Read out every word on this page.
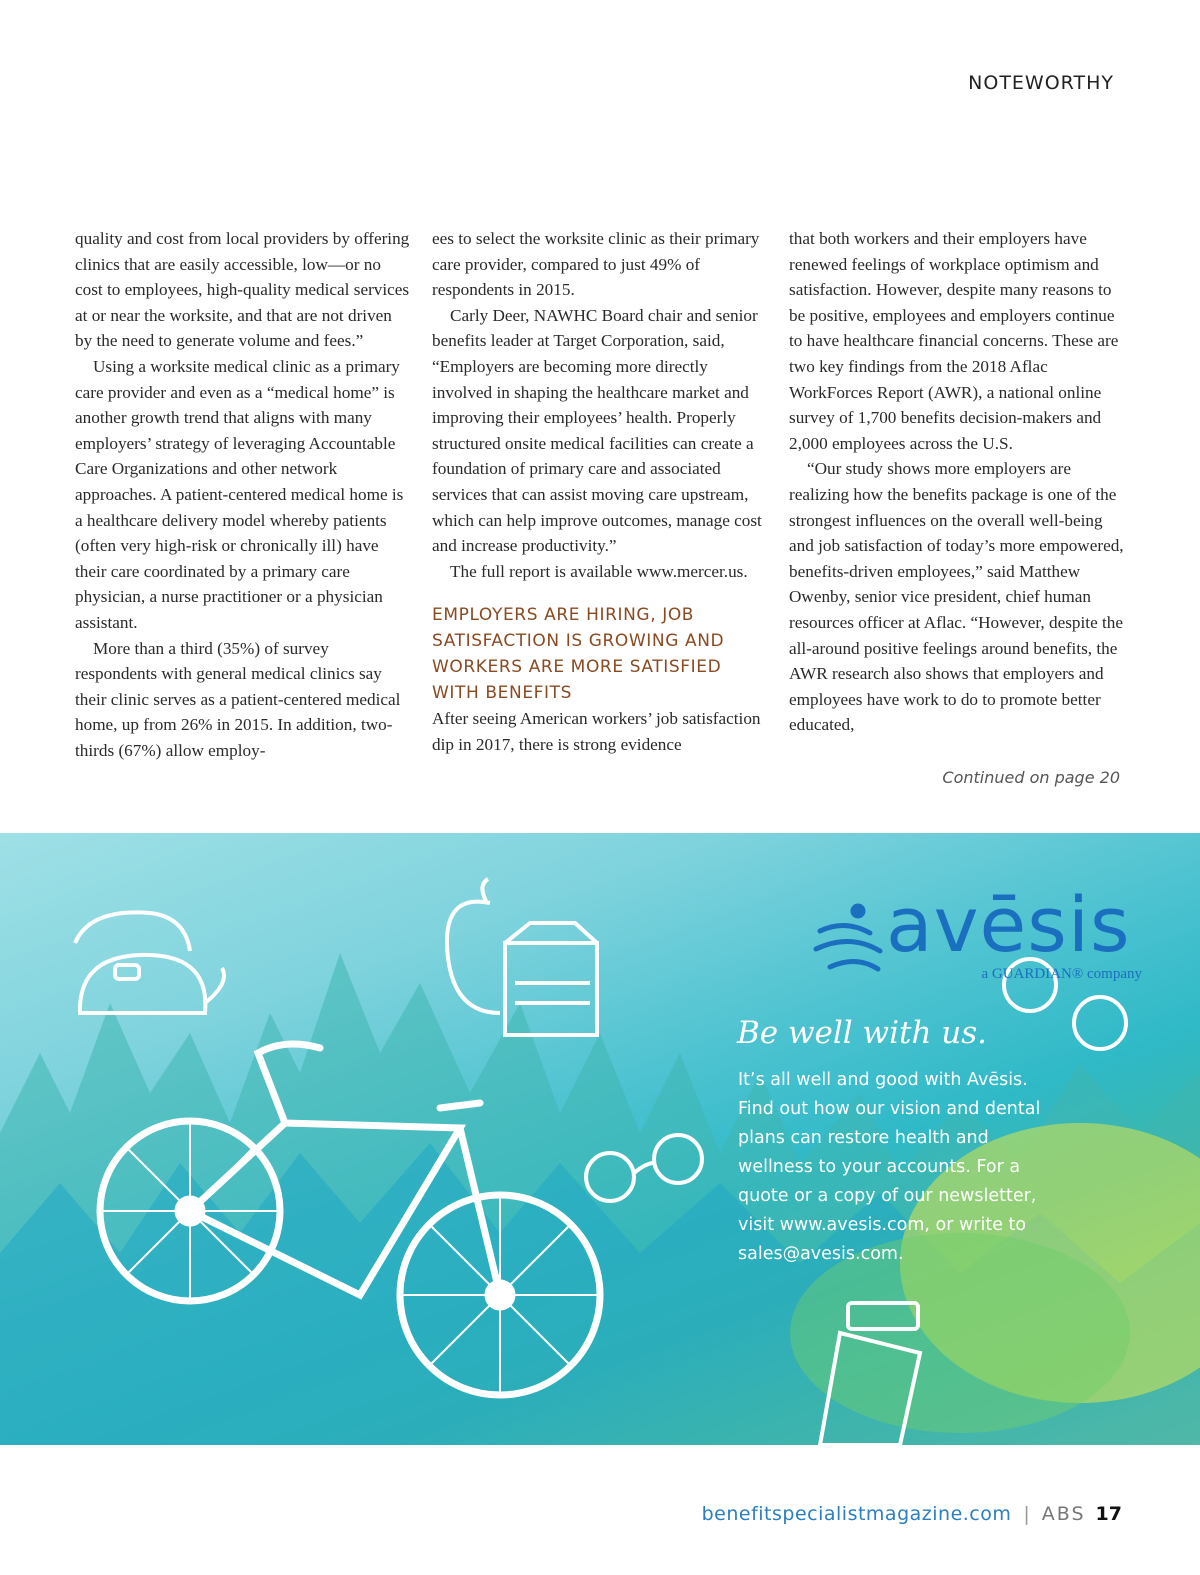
NOTEWORTHY

quality and cost from local providers by offering clinics that are easily accessible, low—or no cost to employees, high-quality medical services at or near the worksite, and that are not driven by the need to generate volume and fees.”

Using a worksite medical clinic as a primary care provider and even as a “medical home” is another growth trend that aligns with many employers’ strategy of leveraging Accountable Care Organizations and other network approaches. A patient-centered medical home is a healthcare delivery model whereby patients (often very high-risk or chronically ill) have their care coordinated by a primary care physician, a nurse practitioner or a physician assistant.

More than a third (35%) of survey respondents with general medical clinics say their clinic serves as a patient-centered medical home, up from 26% in 2015. In addition, two-thirds (67%) allow employ-

ees to select the worksite clinic as their primary care provider, compared to just 49% of respondents in 2015.

Carly Deer, NAWHC Board chair and senior benefits leader at Target Corporation, said, “Employers are becoming more directly involved in shaping the healthcare market and improving their employees’ health. Properly structured onsite medical facilities can create a foundation of primary care and associated services that can assist moving care upstream, which can help improve outcomes, manage cost and increase productivity.”

The full report is available www.mercer.us.

EMPLOYERS ARE HIRING, JOB SATISFACTION IS GROWING AND WORKERS ARE MORE SATISFIED WITH BENEFITS

After seeing American workers’ job satisfaction dip in 2017, there is strong evidence

that both workers and their employers have renewed feelings of workplace optimism and satisfaction. However, despite many reasons to be positive, employees and employers continue to have healthcare financial concerns. These are two key findings from the 2018 Aflac WorkForces Report (AWR), a national online survey of 1,700 benefits decision-makers and 2,000 employees across the U.S.

“Our study shows more employers are realizing how the benefits package is one of the strongest influences on the overall well-being and job satisfaction of today’s more empowered, benefits-driven employees,” said Matthew Owenby, senior vice president, chief human resources officer at Aflac. “However, despite the all-around positive feelings around benefits, the AWR research also shows that employers and employees have work to do to promote better educated,

Continued on page 20
avēsis
a GUARDIAN® company
Be well with us.
It’s all well and good with Avēsis. Find out how our vision and dental plans can restore health and wellness to your accounts. For a quote or a copy of our newsletter, visit www.avesis.com, or write to sales@avesis.com.
benefitspecialistmagazine.com | ABS 17
